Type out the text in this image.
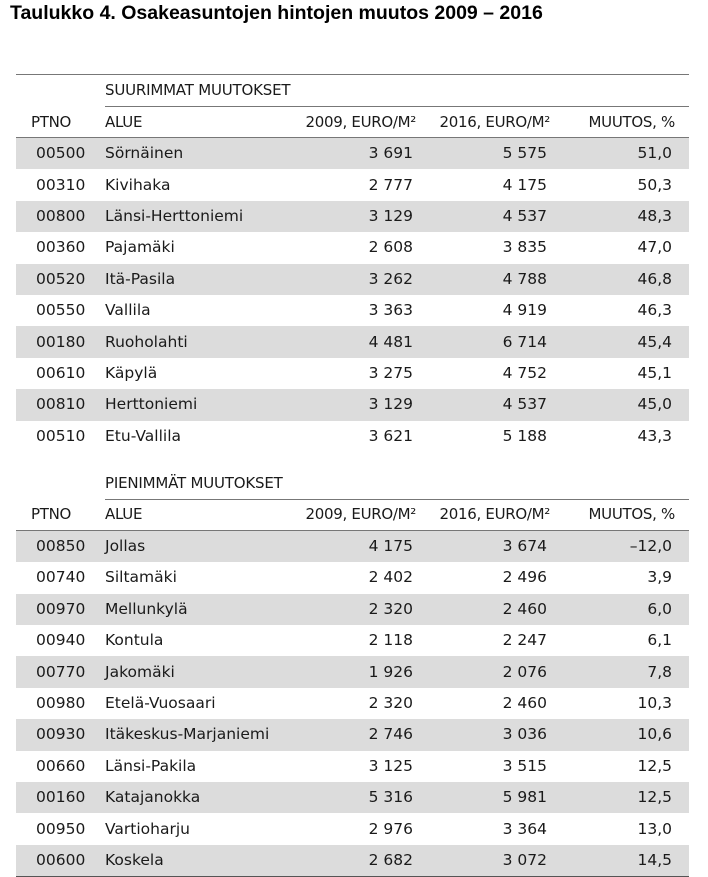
Taulukko 4. Osakeasuntojen hintojen muutos 2009 – 2016
SUURIMMAT MUUTOKSET
PTNO ALUE	2009, EURO/M² 2016, EURO/M²	MUUTOS, %
00500 Sörnäinen	3 691	5 575	51,0
00310 Kivihaka	2 777	4 175	50,3
00800 Länsi-Herttoniemi	3 129	4 537	48,3
00360 Pajamäki	2 608	3 835	47,0
00520 Itä-Pasila	3 262	4 788	46,8
00550 Vallila	3 363	4 919	46,3
00180 Ruoholahti	4 481	6 714	45,4
00610 Käpylä	3 275	4 752	45,1
00810 Herttoniemi	3 129	4 537	45,0
00510 Etu-Vallila	3 621	5 188	43,3
PIENIMMÄT MUUTOKSET
PTNO ALUE	2009, EURO/M² 2016, EURO/M²	MUUTOS, %
00850 Jollas	4 175	3 674	–12,0
00740 Siltamäki	2 402	2 496	3,9
00970 Mellunkylä	2 320	2 460	6,0
00940 Kontula	2 118	2 247	6,1
00770 Jakomäki	1 926	2 076	7,8
00980 Etelä-Vuosaari	2 320	2 460	10,3
00930 Itäkeskus-Marjaniemi	2 746	3 036	10,6
00660 Länsi-Pakila	3 125	3 515	12,5
00160 Katajanokka	5 316	5 981	12,5
00950 Vartioharju	2 976	3 364	13,0
00600 Koskela	2 682	3 072	14,5
